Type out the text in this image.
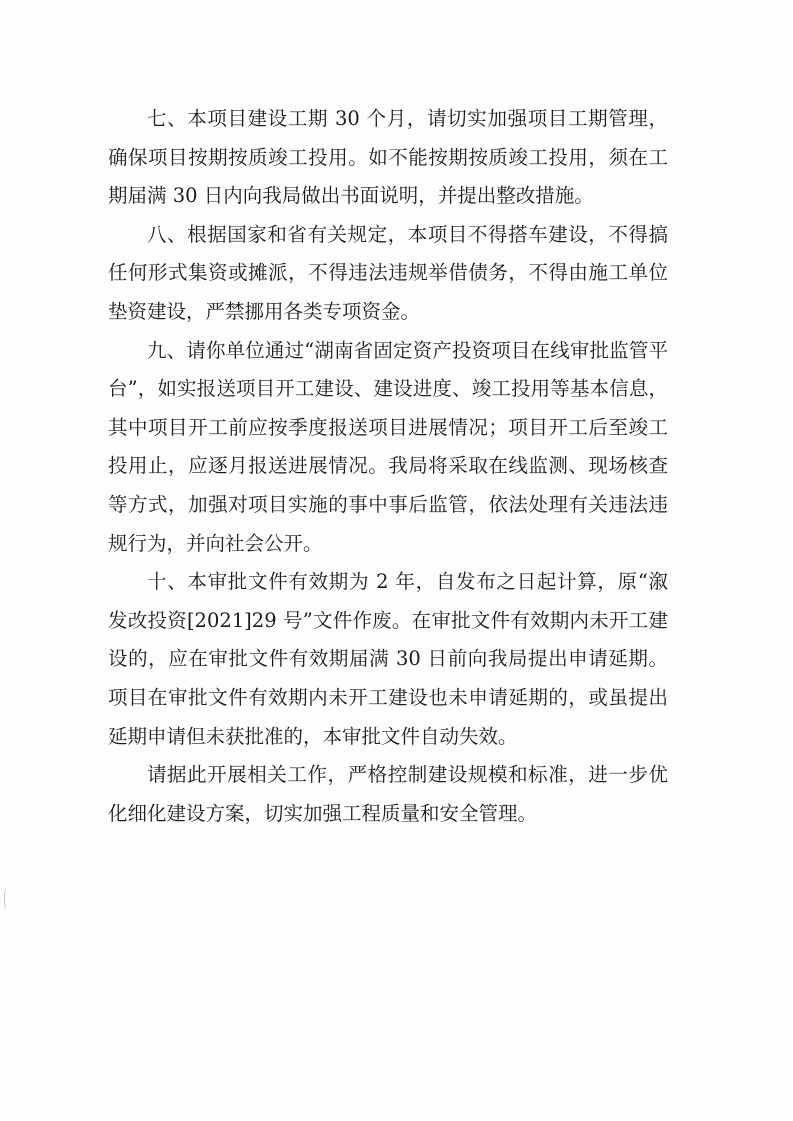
七、本项目建设工期 30 个月，请切实加强项目工期管理，确保项目按期按质竣工投用。如不能按期按质竣工投用，须在工期届满 30 日内向我局做出书面说明，并提出整改措施。

八、根据国家和省有关规定，本项目不得搭车建设，不得搞任何形式集资或摊派，不得违法违规举借债务，不得由施工单位垫资建设，严禁挪用各类专项资金。

九、请你单位通过“湖南省固定资产投资项目在线审批监管平台”，如实报送项目开工建设、建设进度、竣工投用等基本信息，其中项目开工前应按季度报送项目进展情况；项目开工后至竣工投用止，应逐月报送进展情况。我局将采取在线监测、现场核查等方式，加强对项目实施的事中事后监管，依法处理有关违法违规行为，并向社会公开。

十、本审批文件有效期为 2 年，自发布之日起计算，原“溆发改投资[2021]29 号”文件作废。在审批文件有效期内未开工建设的，应在审批文件有效期届满 30 日前向我局提出申请延期。项目在审批文件有效期内未开工建设也未申请延期的，或虽提出延期申请但未获批准的，本审批文件自动失效。

请据此开展相关工作，严格控制建设规模和标准，进一步优化细化建设方案，切实加强工程质量和安全管理。
